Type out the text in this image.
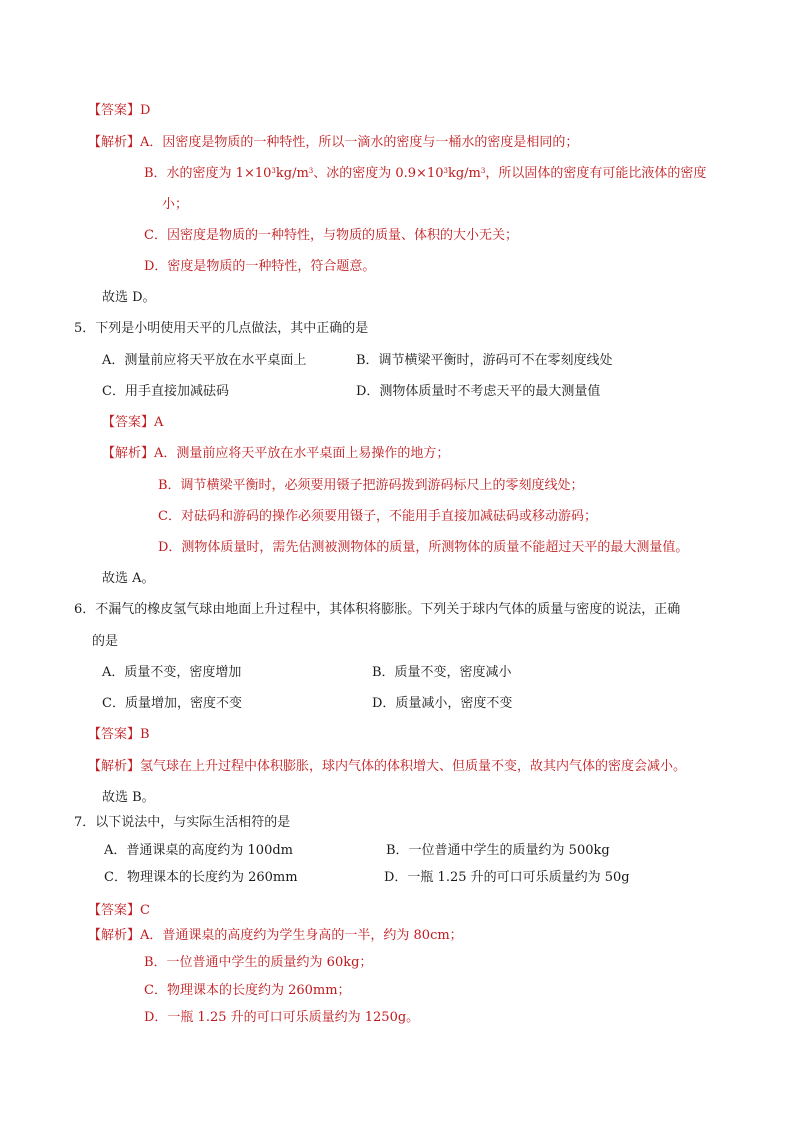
【答案】D
【解析】A．因密度是物质的一种特性，所以一滴水的密度与一桶水的密度是相同的；
B．水的密度为 $1\times 10^3kg/m^3$、冰的密度为 $0.9\times 10^3kg/m^3$，所以固体的密度有可能比液体的密度
小；
C．因密度是物质的一种特性，与物质的质量、体积的大小无关；
D．密度是物质的一种特性，符合题意。
故选 D。
5．下列是小明使用天平的几点做法，其中正确的是
A．测量前应将天平放在水平桌面上	B．调节横梁平衡时，游码可不在零刻度线处
C．用手直接加减砝码	D．测物体质量时不考虑天平的最大测量值
【答案】A
【解析】A．测量前应将天平放在水平桌面上易操作的地方；
B．调节横梁平衡时，必须要用镊子把游码拨到游码标尺上的零刻度线处；
C．对砝码和游码的操作必须要用镊子，不能用手直接加减砝码或移动游码；
D．测物体质量时，需先估测被测物体的质量，所测物体的质量不能超过天平的最大测量值。
故选 A。
6．不漏气的橡皮氢气球由地面上升过程中，其体积将膨胀。下列关于球内气体的质量与密度的说法，正确
的是
A．质量不变，密度增加	B．质量不变，密度减小
C．质量增加，密度不变	D．质量减小，密度不变
【答案】B
【解析】氢气球在上升过程中体积膨胀，球内气体的体积增大、但质量不变，故其内气体的密度会减小。
故选 B。
7．以下说法中，与实际生活相符的是
A．普通课桌的高度约为 100dm	B．一位普通中学生的质量约为 500kg
C．物理课本的长度约为 260mm	D．一瓶 1.25 升的可口可乐质量约为 50g
【答案】C
【解析】A．普通课桌的高度约为学生身高的一半，约为 80cm；
B．一位普通中学生的质量约为 60kg；
C．物理课本的长度约为 260mm；
D．一瓶 1.25 升的可口可乐质量约为 1250g。
